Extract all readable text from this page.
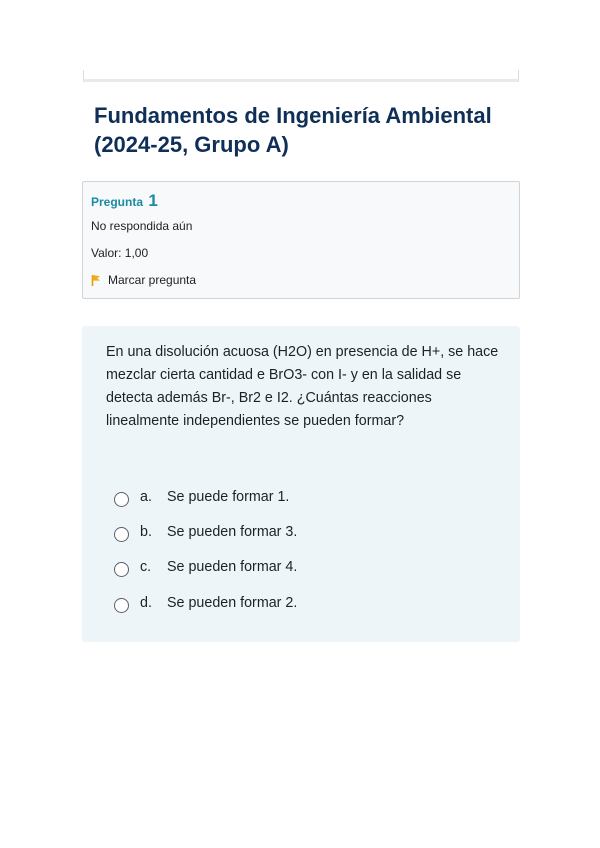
Fundamentos de Ingeniería Ambiental (2024-25, Grupo A)
Pregunta 1
No respondida aún
Valor: 1,00
Marcar pregunta

En una disolución acuosa (H2O) en presencia de H+, se hace mezclar cierta cantidad e BrO3- con I- y en la salidad se detecta además Br-, Br2 e I2. ¿Cuántas reacciones linealmente independientes se pueden formar?

a.	Se puede formar 1.
b.	Se pueden formar 3.
c.	Se pueden formar 4.
d.	Se pueden formar 2.
